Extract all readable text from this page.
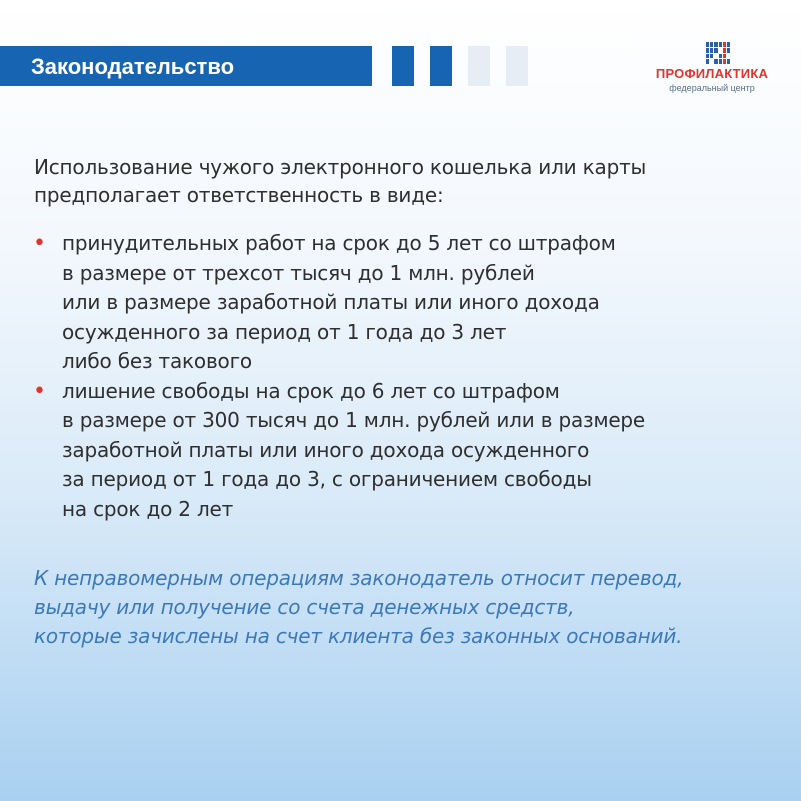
Законодательство	ПРОФИЛАКТИКА
федеральный центр
Использование чужого электронного кошелька или карты
предполагает ответственность в виде:
• принудительных работ на срок до 5 лет со штрафом
в размере от трехсот тысяч до 1 млн. рублей
или в размере заработной платы или иного дохода
осужденного за период от 1 года до 3 лет
либо без такового
• лишение свободы на срок до 6 лет со штрафом
в размере от 300 тысяч до 1 млн. рублей или в размере
заработной платы или иного дохода осужденного
за период от 1 года до 3, с ограничением свободы
на срок до 2 лет
К неправомерным операциям законодатель относит перевод,
выдачу или получение со счета денежных средств,
которые зачислены на счет клиента без законных оснований.
